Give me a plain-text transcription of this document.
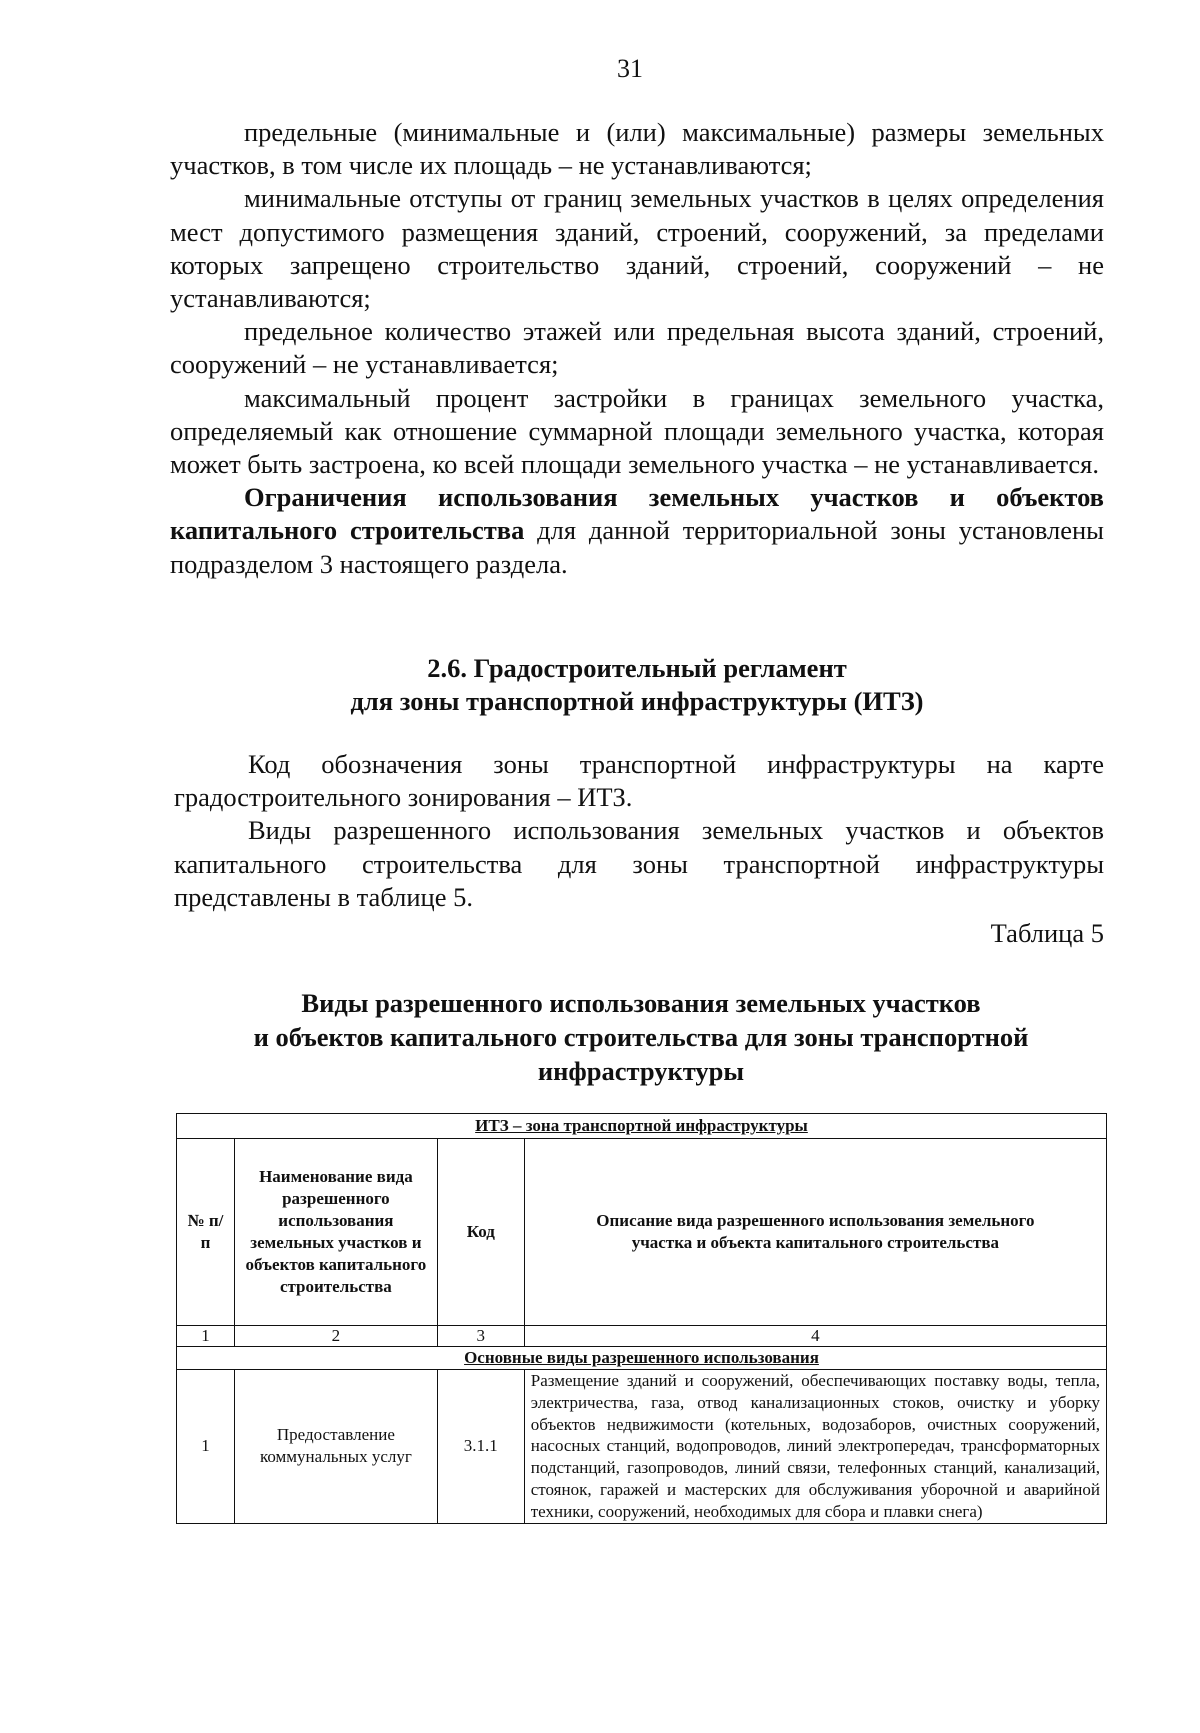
31

предельные (минимальные и (или) максимальные) размеры земельных участков, в том числе их площадь – не устанавливаются;

минимальные отступы от границ земельных участков в целях определения мест допустимого размещения зданий, строений, сооружений, за пределами которых запрещено строительство зданий, строений, сооружений – не устанавливаются;

предельное количество этажей или предельная высота зданий, строений, сооружений – не устанавливается;

максимальный процент застройки в границах земельного участка, определяемый как отношение суммарной площади земельного участка, которая может быть застроена, ко всей площади земельного участка – не устанавливается.

Ограничения использования земельных участков и объектов капитального строительства для данной территориальной зоны установлены подразделом 3 настоящего раздела.

2.6. Градостроительный регламент
для зоны транспортной инфраструктуры (ИТЗ)

Код обозначения зоны транспортной инфраструктуры на карте градостроительного зонирования – ИТЗ.

Виды разрешенного использования земельных участков и объектов капитального строительства для зоны транспортной инфраструктуры представлены в таблице 5.

Таблица 5
Виды разрешенного использования земельных участков
и объектов капитального строительства для зоны транспортной
инфраструктуры
ИТЗ – зона транспортной инфраструктуры			
№ п/п	Наименование вида разрешенного использования земельных участков и объектов капитального строительства	Код	Описание вида разрешенного использования земельного участка и объекта капитального строительства
1	2	3	4
Основные виды разрешенного использования			
1	Предоставление коммунальных услуг	3.1.1	Размещение зданий и сооружений, обеспечивающих поставку воды, тепла, электричества, газа, отвод канализационных стоков, очистку и уборку объектов недвижимости (котельных, водозаборов, очистных сооружений, насосных станций, водопроводов, линий электропередач, трансформаторных подстанций, газопроводов, линий связи, телефонных станций, канализаций, стоянок, гаражей и мастерских для обслуживания уборочной и аварийной техники, сооружений, необходимых для сбора и плавки снега)
